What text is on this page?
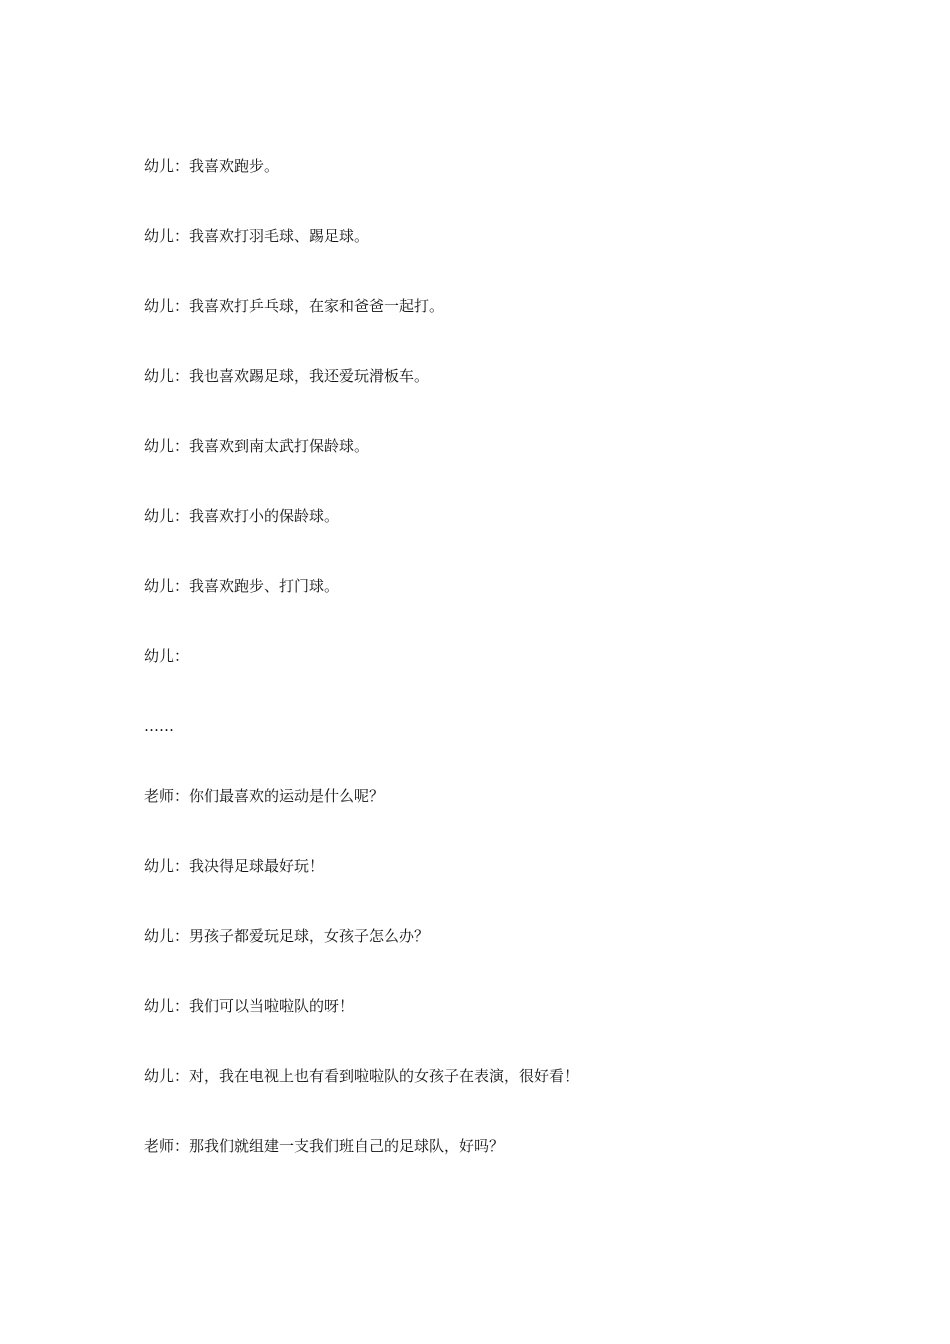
幼儿：我喜欢跑步。
幼儿：我喜欢打羽毛球、踢足球。
幼儿：我喜欢打乒乓球，在家和爸爸一起打。
幼儿：我也喜欢踢足球，我还爱玩滑板车。
幼儿：我喜欢到南太武打保龄球。
幼儿：我喜欢打小的保龄球。
幼儿：我喜欢跑步、打门球。
幼儿：
……
老师：你们最喜欢的运动是什么呢？
幼儿：我决得足球最好玩！
幼儿：男孩子都爱玩足球，女孩子怎么办？
幼儿：我们可以当啦啦队的呀！
幼儿：对，我在电视上也有看到啦啦队的女孩子在表演，很好看！
老师：那我们就组建一支我们班自己的足球队，好吗？
